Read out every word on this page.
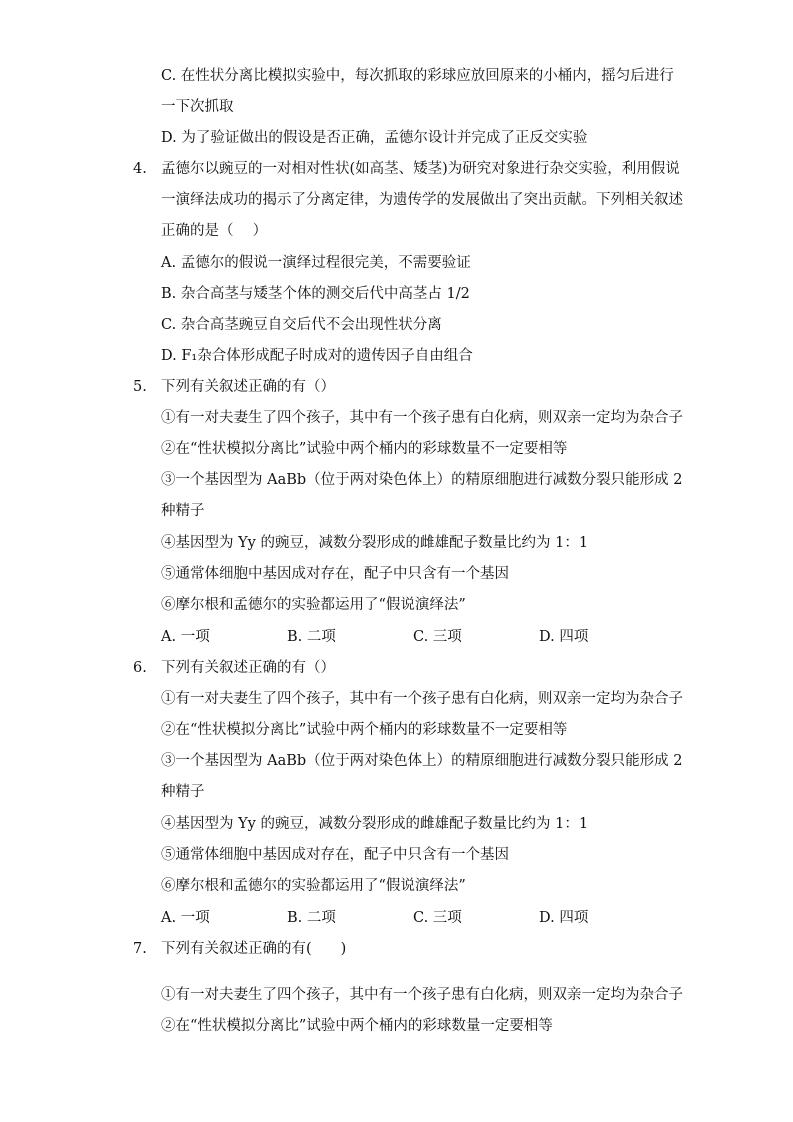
C. 在性状分离比模拟实验中，每次抓取的彩球应放回原来的小桶内，摇匀后进行
一下次抓取
D. 为了验证做出的假设是否正确，孟德尔设计并完成了正反交实验
4. 孟德尔以豌豆的一对相对性状(如高茎、矮茎)为研究对象进行杂交实验，利用假说
一演绎法成功的揭示了分离定律，为遗传学的发展做出了突出贡献。下列相关叙述
正确的是（　 ）
A. 孟德尔的假说一演绎过程很完美，不需要验证
B. 杂合高茎与矮茎个体的测交后代中高茎占 1/2
C. 杂合高茎豌豆自交后代不会出现性状分离
D. F₁杂合体形成配子时成对的遗传因子自由组合
5. 下列有关叙述正确的有（）
①有一对夫妻生了四个孩子，其中有一个孩子患有白化病，则双亲一定均为杂合子
②在“性状模拟分离比”试验中两个桶内的彩球数量不一定要相等
③一个基因型为 AaBb（位于两对染色体上）的精原细胞进行减数分裂只能形成 2
种精子
④基因型为 Yy 的豌豆，减数分裂形成的雌雄配子数量比约为 1：1
⑤通常体细胞中基因成对存在，配子中只含有一个基因
⑥摩尔根和孟德尔的实验都运用了“假说演绎法”
A. 一项	B. 二项	C. 三项	D. 四项
6. 下列有关叙述正确的有（）
①有一对夫妻生了四个孩子，其中有一个孩子患有白化病，则双亲一定均为杂合子
②在“性状模拟分离比”试验中两个桶内的彩球数量不一定要相等
③一个基因型为 AaBb（位于两对染色体上）的精原细胞进行减数分裂只能形成 2
种精子
④基因型为 Yy 的豌豆，减数分裂形成的雌雄配子数量比约为 1：1
⑤通常体细胞中基因成对存在，配子中只含有一个基因
⑥摩尔根和孟德尔的实验都运用了“假说演绎法”
A. 一项	B. 二项	C. 三项	D. 四项
7. 下列有关叙述正确的有(　　)
①有一对夫妻生了四个孩子，其中有一个孩子患有白化病，则双亲一定均为杂合子
②在“性状模拟分离比”试验中两个桶内的彩球数量一定要相等
